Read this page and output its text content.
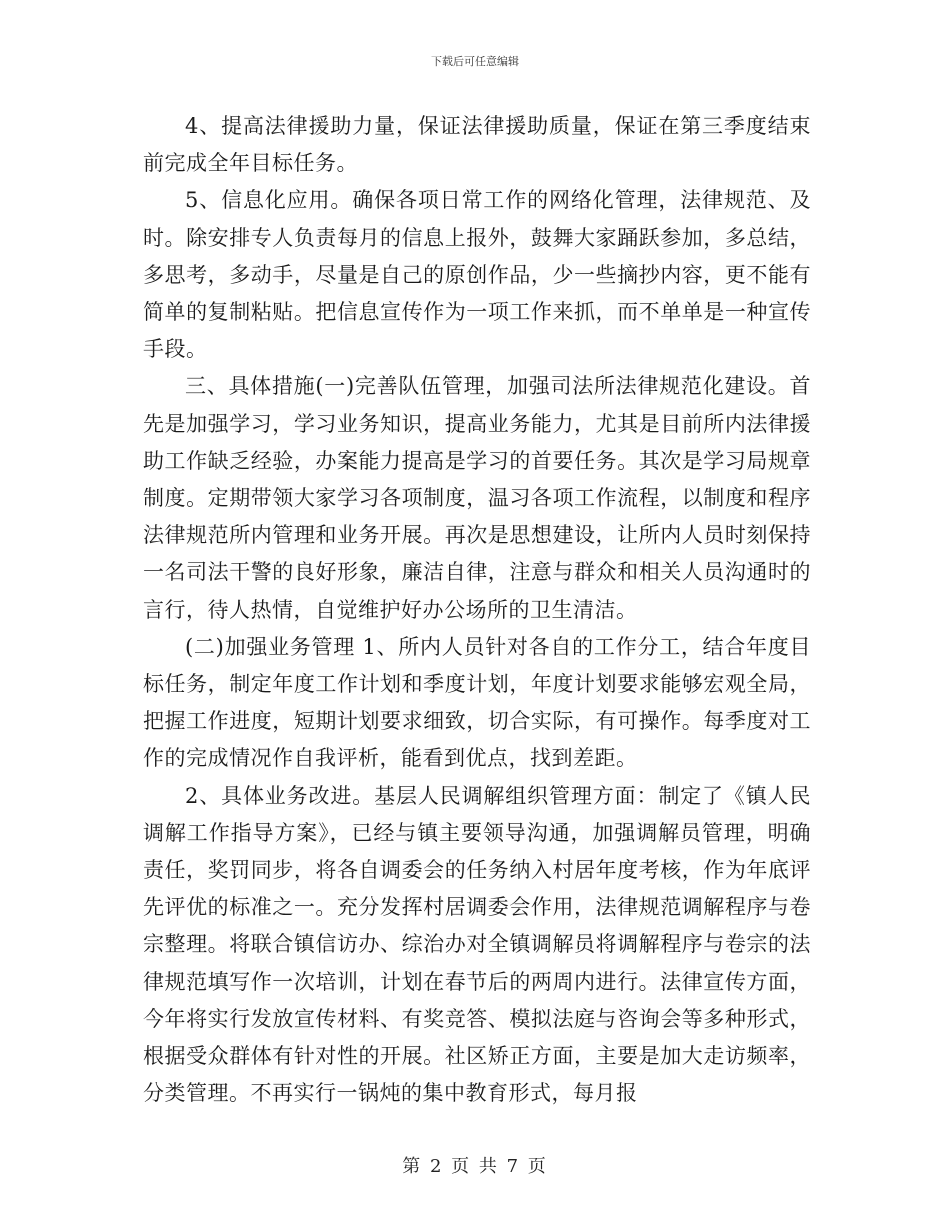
下载后可任意编辑

4、提高法律援助力量，保证法律援助质量，保证在第三季度结束前完成全年目标任务。

5、信息化应用。确保各项日常工作的网络化管理，法律规范、及时。除安排专人负责每月的信息上报外，鼓舞大家踊跃参加，多总结，多思考，多动手，尽量是自己的原创作品，少一些摘抄内容，更不能有简单的复制粘贴。把信息宣传作为一项工作来抓，而不单单是一种宣传手段。

三、具体措施(一)完善队伍管理，加强司法所法律规范化建设。首先是加强学习，学习业务知识，提高业务能力，尤其是目前所内法律援助工作缺乏经验，办案能力提高是学习的首要任务。其次是学习局规章制度。定期带领大家学习各项制度，温习各项工作流程，以制度和程序法律规范所内管理和业务开展。再次是思想建设，让所内人员时刻保持一名司法干警的良好形象，廉洁自律，注意与群众和相关人员沟通时的言行，待人热情，自觉维护好办公场所的卫生清洁。

(二)加强业务管理 1、所内人员针对各自的工作分工，结合年度目标任务，制定年度工作计划和季度计划，年度计划要求能够宏观全局，把握工作进度，短期计划要求细致，切合实际，有可操作。每季度对工作的完成情况作自我评析，能看到优点，找到差距。

2、具体业务改进。基层人民调解组织管理方面：制定了《镇人民调解工作指导方案》，已经与镇主要领导沟通，加强调解员管理，明确责任，奖罚同步，将各自调委会的任务纳入村居年度考核，作为年底评先评优的标准之一。充分发挥村居调委会作用，法律规范调解程序与卷宗整理。将联合镇信访办、综治办对全镇调解员将调解程序与卷宗的法律规范填写作一次培训，计划在春节后的两周内进行。法律宣传方面，今年将实行发放宣传材料、有奖竞答、模拟法庭与咨询会等多种形式，根据受众群体有针对性的开展。社区矫正方面，主要是加大走访频率，分类管理。不再实行一锅炖的集中教育形式，每月报

第 2 页 共 7 页
